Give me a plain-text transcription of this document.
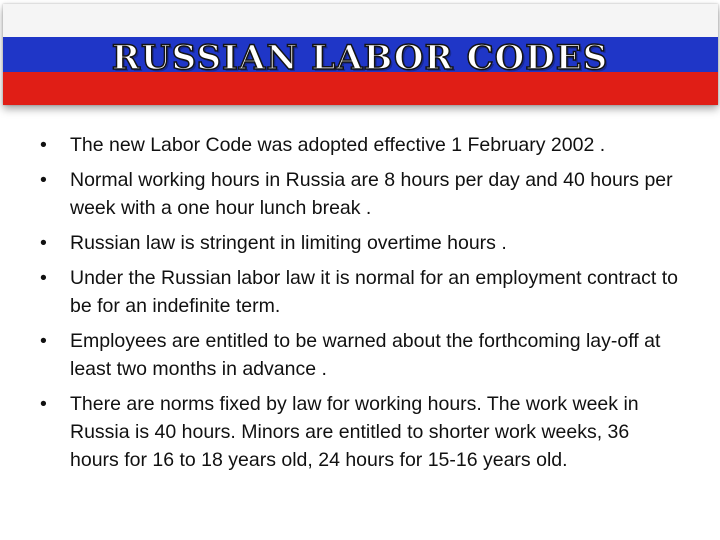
RUSSIAN LABOR CODES
•	The new Labor Code was adopted effective 1 February 2002 .
•	Normal working hours in Russia are 8 hours per day and 40 hours per week with a one hour lunch break .
•	Russian law is stringent in limiting overtime hours .
•	Under the Russian labor law it is normal for an employment contract to be for an indefinite term.
•	Employees are entitled to be warned about the forthcoming lay-off at least two months in advance .
•	There are norms fixed by law for working hours. The work week in Russia is 40 hours. Minors are entitled to shorter work weeks, 36 hours for 16 to 18 years old, 24 hours for 15-16 years old.
